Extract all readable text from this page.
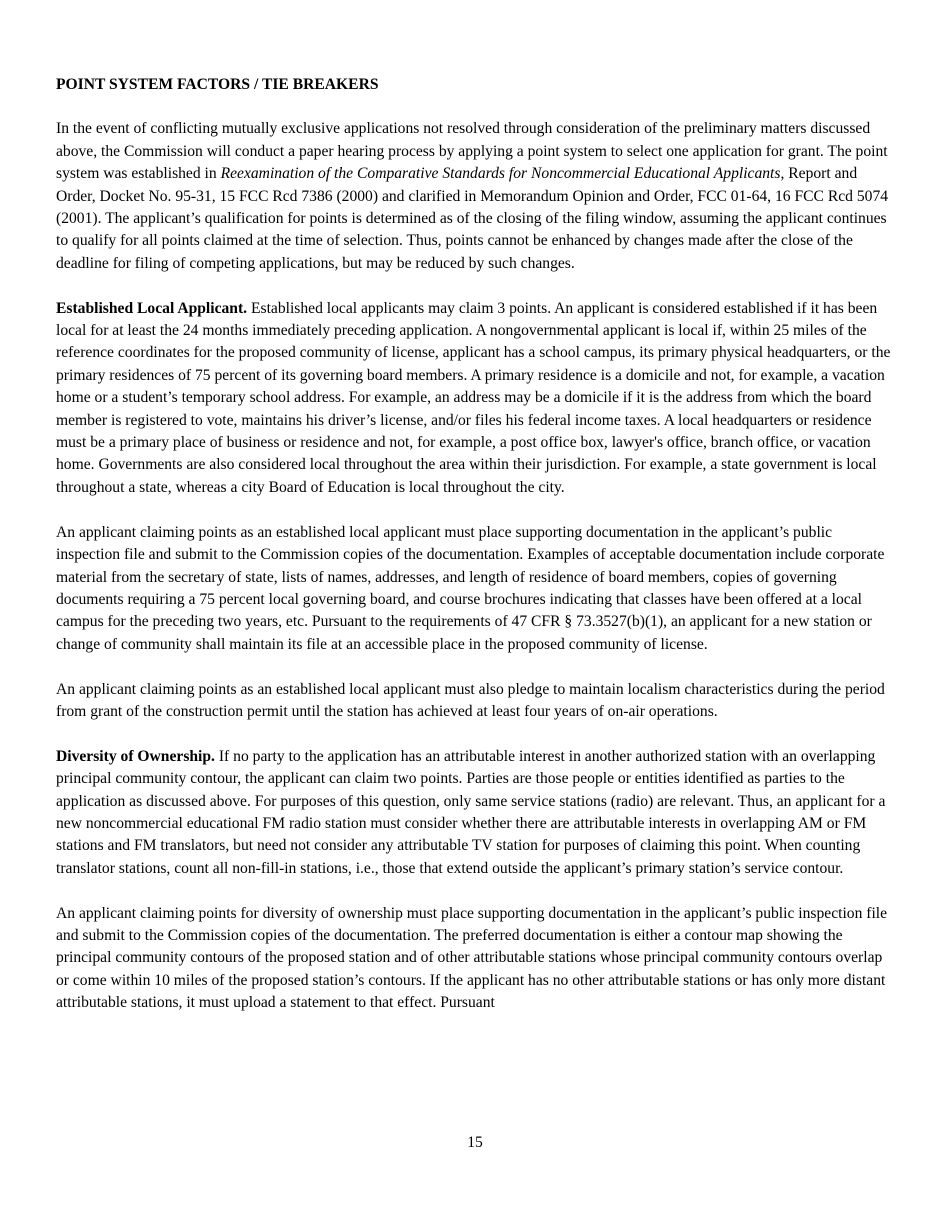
POINT SYSTEM FACTORS / TIE BREAKERS

In the event of conflicting mutually exclusive applications not resolved through consideration of the preliminary matters discussed above, the Commission will conduct a paper hearing process by applying a point system to select one application for grant. The point system was established in Reexamination of the Comparative Standards for Noncommercial Educational Applicants, Report and Order, Docket No. 95-31, 15 FCC Rcd 7386 (2000) and clarified in Memorandum Opinion and Order, FCC 01-64, 16 FCC Rcd 5074 (2001). The applicant’s qualification for points is determined as of the closing of the filing window, assuming the applicant continues to qualify for all points claimed at the time of selection. Thus, points cannot be enhanced by changes made after the close of the deadline for filing of competing applications, but may be reduced by such changes.

Established Local Applicant. Established local applicants may claim 3 points. An applicant is considered established if it has been local for at least the 24 months immediately preceding application. A nongovernmental applicant is local if, within 25 miles of the reference coordinates for the proposed community of license, applicant has a school campus, its primary physical headquarters, or the primary residences of 75 percent of its governing board members. A primary residence is a domicile and not, for example, a vacation home or a student’s temporary school address. For example, an address may be a domicile if it is the address from which the board member is registered to vote, maintains his driver’s license, and/or files his federal income taxes. A local headquarters or residence must be a primary place of business or residence and not, for example, a post office box, lawyer's office, branch office, or vacation home. Governments are also considered local throughout the area within their jurisdiction. For example, a state government is local throughout a state, whereas a city Board of Education is local throughout the city.

An applicant claiming points as an established local applicant must place supporting documentation in the applicant’s public inspection file and submit to the Commission copies of the documentation. Examples of acceptable documentation include corporate material from the secretary of state, lists of names, addresses, and length of residence of board members, copies of governing documents requiring a 75 percent local governing board, and course brochures indicating that classes have been offered at a local campus for the preceding two years, etc. Pursuant to the requirements of 47 CFR § 73.3527(b)(1), an applicant for a new station or change of community shall maintain its file at an accessible place in the proposed community of license.

An applicant claiming points as an established local applicant must also pledge to maintain localism characteristics during the period from grant of the construction permit until the station has achieved at least four years of on-air operations.

Diversity of Ownership. If no party to the application has an attributable interest in another authorized station with an overlapping principal community contour, the applicant can claim two points. Parties are those people or entities identified as parties to the application as discussed above. For purposes of this question, only same service stations (radio) are relevant. Thus, an applicant for a new noncommercial educational FM radio station must consider whether there are attributable interests in overlapping AM or FM stations and FM translators, but need not consider any attributable TV station for purposes of claiming this point. When counting translator stations, count all non-fill-in stations, i.e., those that extend outside the applicant’s primary station’s service contour.

An applicant claiming points for diversity of ownership must place supporting documentation in the applicant’s public inspection file and submit to the Commission copies of the documentation. The preferred documentation is either a contour map showing the principal community contours of the proposed station and of other attributable stations whose principal community contours overlap or come within 10 miles of the proposed station’s contours. If the applicant has no other attributable stations or has only more distant attributable stations, it must upload a statement to that effect. Pursuant

15
